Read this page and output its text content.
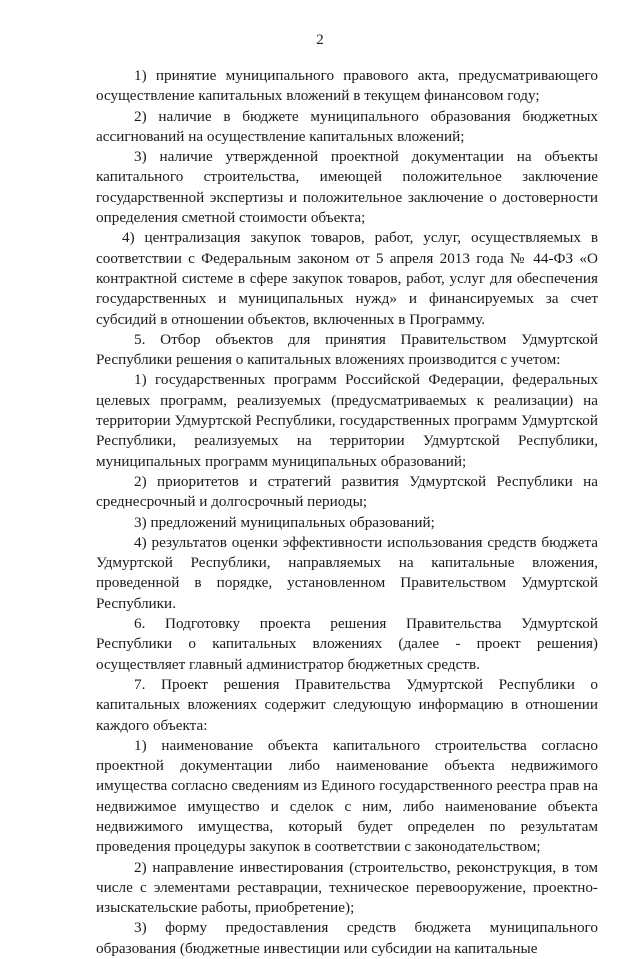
2

1) принятие муниципального правового акта, предусматривающего осуществление капитальных вложений в текущем финансовом году;

2) наличие в бюджете муниципального образования бюджетных ассигнований на осуществление капитальных вложений;

3) наличие утвержденной проектной документации на объекты капитального строительства, имеющей положительное заключение государственной экспертизы и положительное заключение о достоверности определения сметной стоимости объекта;

4) централизация закупок товаров, работ, услуг, осуществляемых в соответствии с Федеральным законом от 5 апреля 2013 года № 44-ФЗ «О контрактной системе в сфере закупок товаров, работ, услуг для обеспечения государственных и муниципальных нужд» и финансируемых за счет субсидий в отношении объектов, включенных в Программу.

5. Отбор объектов для принятия Правительством Удмуртской Республики решения о капитальных вложениях производится с учетом:

1) государственных программ Российской Федерации, федеральных целевых программ, реализуемых (предусматриваемых к реализации) на территории Удмуртской Республики, государственных программ Удмуртской Республики, реализуемых на территории Удмуртской Республики, муниципальных программ муниципальных образований;

2) приоритетов и стратегий развития Удмуртской Республики на среднесрочный и долгосрочный периоды;

3) предложений муниципальных образований;

4) результатов оценки эффективности использования средств бюджета Удмуртской Республики, направляемых на капитальные вложения, проведенной в порядке, установленном Правительством Удмуртской Республики.

6. Подготовку проекта решения Правительства Удмуртской Республики о капитальных вложениях (далее - проект решения) осуществляет главный администратор бюджетных средств.

7. Проект решения Правительства Удмуртской Республики о капитальных вложениях содержит следующую информацию в отношении каждого объекта:

1) наименование объекта капитального строительства согласно проектной документации либо наименование объекта недвижимого имущества согласно сведениям из Единого государственного реестра прав на недвижимое имущество и сделок с ним, либо наименование объекта недвижимого имущества, который будет определен по результатам проведения процедуры закупок в соответствии с законодательством;

2) направление инвестирования (строительство, реконструкция, в том числе с элементами реставрации, техническое перевооружение, проектно-изыскательские работы, приобретение);

3) форму предоставления средств бюджета муниципального образования (бюджетные инвестиции или субсидии на капитальные
